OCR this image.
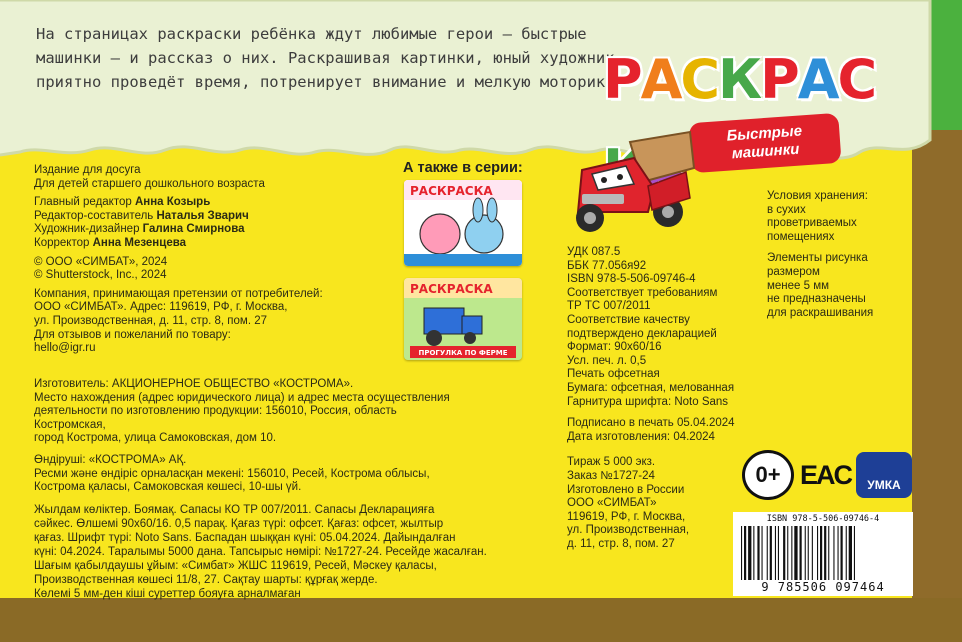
На страницах раскраски ребёнка ждут любимые герои — быстрые машинки — и рассказ о них. Раскрашивая картинки, юный художник приятно проведёт время, потренирует внимание и мелкую моторику.
РАСКРАС
Быстрые
машинки
Издание для досуга
Для детей старшего дошкольного возраста
Главный редактор Анна Козырь
Редактор-составитель Наталья Зварич
Художник-дизайнер Галина Смирнова
Корректор Анна Мезенцева
© ООО «СИМБАТ», 2024
© Shutterstock, Inc., 2024
Компания, принимающая претензии от потребителей:
ООО «СИМБАТ». Адрес: 119619, РФ, г. Москва,
ул. Производственная, д. 11, стр. 8, пом. 27
Для отзывов и пожеланий по товару:
hello@igr.ru
Изготовитель: АКЦИОНЕРНОЕ ОБЩЕСТВО «КОСТРОМА».
Место нахождения (адрес юридического лица) и адрес места осуществления
деятельности по изготовлению продукции: 156010, Россия, область Костромская,
город Кострома, улица Самоковская, дом 10.
Өндіруші: «КОСТРОМА» АҚ.
Ресми және өндіріс орналасқан мекені: 156010, Ресей, Кострома облысы,
Кострома қаласы, Самоковская көшесі, 10-шы үй.
Жылдам көліктер. Боямақ. Сапасы КО ТР 007/2011. Сапасы Декларацияға
сәйкес. Өлшемі 90х60/16. 0,5 парақ. Қағаз түрі: офсет. Қағаз: офсет, жылтыр
қағаз. Шрифт түрі: Noto Sans. Баспадан шыққан күні: 05.04.2024. Дайындалған
күні: 04.2024. Таралымы 5000 дана. Тапсырыс нөмірі: №1727-24. Ресейде жасалған.
Шағым қабылдаушы ұйым: «Симбат» ЖШС 119619, Ресей, Мәскеу қаласы,
Производственная көшесі 11/8, 27. Сақтау шарты: құрғақ жерде.
Көлемі 5 мм-ден кіші суреттер бояуға арналмаған
А также в серии:
РАСКРАСКА
РАСКРАСКА
ПРОГУЛКА ПО ФЕРМЕ
УДК 087.5
ББК 77.056я92
ISBN 978-5-506-09746-4
Соответствует требованиям
ТР ТС 007/2011
Соответствие качеству
подтверждено декларацией
Формат: 90х60/16
Усл. печ. л. 0,5
Печать офсетная
Бумага: офсетная, мелованная
Гарнитура шрифта: Noto Sans
Подписано в печать 05.04.2024
Дата изготовления: 04.2024
Тираж 5 000 экз.
Заказ №1727-24
Изготовлено в России
ООО «СИМБАТ»
119619, РФ, г. Москва,
ул. Производственная,
д. 11, стр. 8, пом. 27
Условия хранения:
в сухих
проветриваемых
помещениях
Элементы рисунка
размером
менее 5 мм
не предназначены
для раскрашивания
0+ EAC	УМКА
ISBN 978-5-506-09746-4
9 785506 097464
